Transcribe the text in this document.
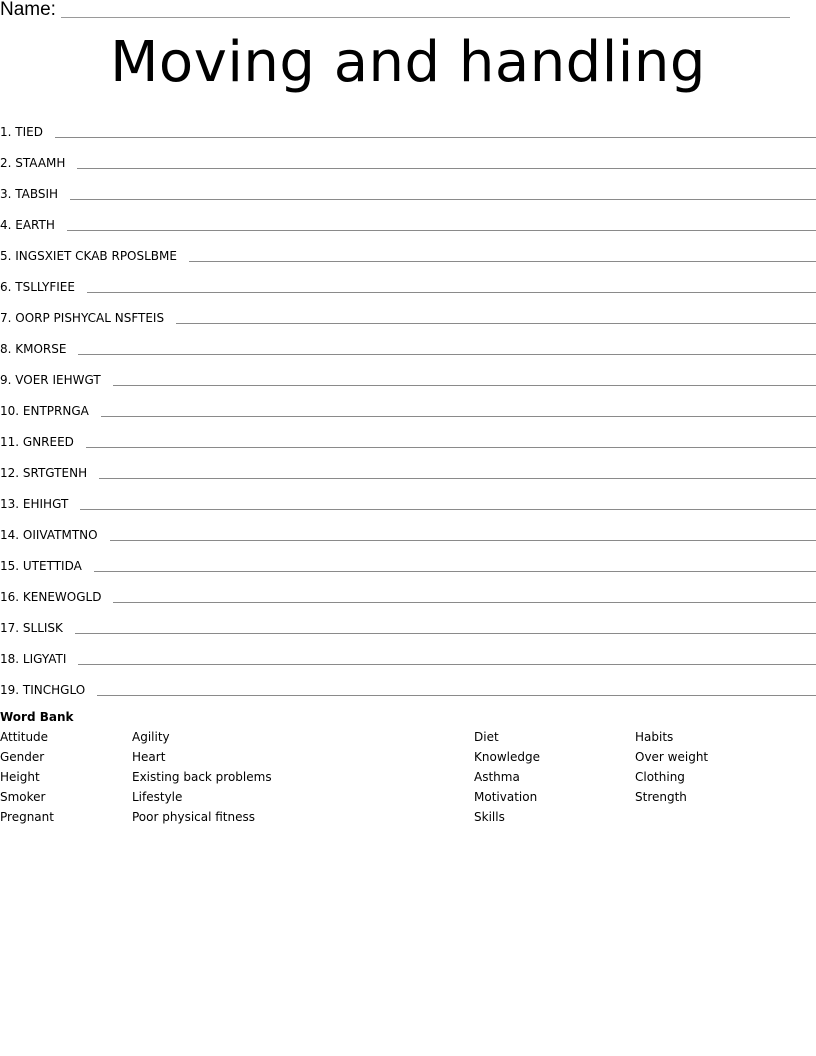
Name:
Moving and handling
1. TIED
2. STAAMH
3. TABSIH
4. EARTH
5. INGSXIET CKAB RPOSLBME
6. TSLLYFIEE
7. OORP PISHYCAL NSFTEIS
8. KMORSE
9. VOER IEHWGT
10. ENTPRNGA
11. GNREED
12. SRTGTENH
13. EHIHGT
14. OIIVATMTNO
15. UTETTIDA
16. KENEWOGLD
17. SLLISK
18. LIGYATI
19. TINCHGLO
Word Bank
Attitude
Gender
Height
Smoker
Pregnant
Agility
Heart
Existing back problems
Lifestyle
Poor physical fitness
Diet
Knowledge
Asthma
Motivation
Skills
Habits
Over weight
Clothing
Strength
